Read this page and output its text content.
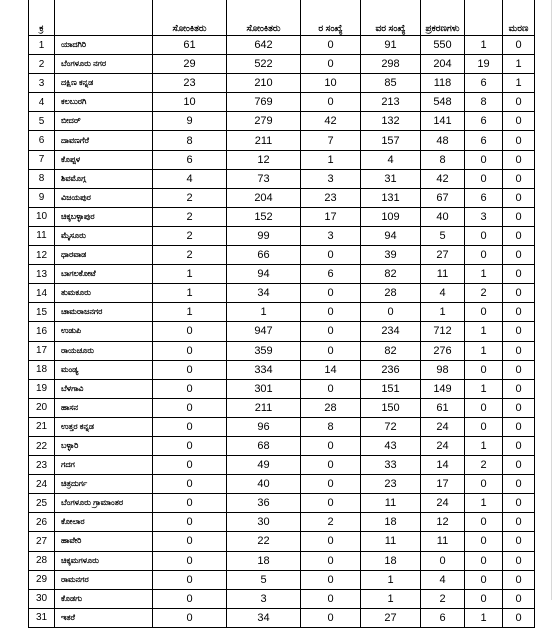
ಕ್ರ		ಸೋಂಕಿತರು	ಸೋಂಕಿತರು	ರ ಸಂಖ್ಯೆ	ವರ ಸಂಖ್ಯೆ	ಪ್ರಕರಣಗಳು		ಮರಣ

1	ಯಾದಗಿರಿ	61	642	0	91	550	1	0
2	ಬೆಂಗಳೂರು ನಗರ	29	522	0	298	204	19	1
3	ದಕ್ಷಿಣ ಕನ್ನಡ	23	210	10	85	118	6	1
4	ಕಲಬುರಗಿ	10	769	0	213	548	8	0
5	ಬೀದರ್	9	279	42	132	141	6	0
6	ದಾವಣಗೆರೆ	8	211	7	157	48	6	0
7	ಕೊಪ್ಪಳ	6	12	1	4	8	0	0
8	ಶಿವಮೊಗ್ಗ	4	73	3	31	42	0	0
9	ವಿಜಯಪುರ	2	204	23	131	67	6	0
10	ಚಿಕ್ಕಬಳ್ಳಾಪುರ	2	152	17	109	40	3	0
11	ಮೈಸೂರು	2	99	3	94	5	0	0
12	ಧಾರವಾಡ	2	66	0	39	27	0	0
13	ಬಾಗಲಕೋಟೆ	1	94	6	82	11	1	0
14	ತುಮಕೂರು	1	34	0	28	4	2	0
15	ಚಾಮರಾಜನಗರ	1	1	0	0	1	0	0
16	ಉಡುಪಿ	0	947	0	234	712	1	0
17	ರಾಯಚೂರು	0	359	0	82	276	1	0
18	ಮಂಡ್ಯ	0	334	14	236	98	0	0
19	ಬೆಳಗಾವಿ	0	301	0	151	149	1	0
20	ಹಾಸನ	0	211	28	150	61	0	0
21	ಉತ್ತರ ಕನ್ನಡ	0	96	8	72	24	0	0
22	ಬಳ್ಳಾರಿ	0	68	0	43	24	1	0
23	ಗದಗ	0	49	0	33	14	2	0
24	ಚಿತ್ರದುರ್ಗ	0	40	0	23	17	0	0
25	ಬೆಂಗಳೂರು ಗ್ರಾಮಾಂತರ	0	36	0	11	24	1	0
26	ಕೋಲಾರ	0	30	2	18	12	0	0
27	ಹಾವೇರಿ	0	22	0	11	11	0	0
28	ಚಿಕ್ಕಮಗಳೂರು	0	18	0	18	0	0	0
29	ರಾಮನಗರ	0	5	0	1	4	0	0
30	ಕೊಡಗು	0	3	0	1	2	0	0
31	ಇತರೆ	0	34	0	27	6	1	0
